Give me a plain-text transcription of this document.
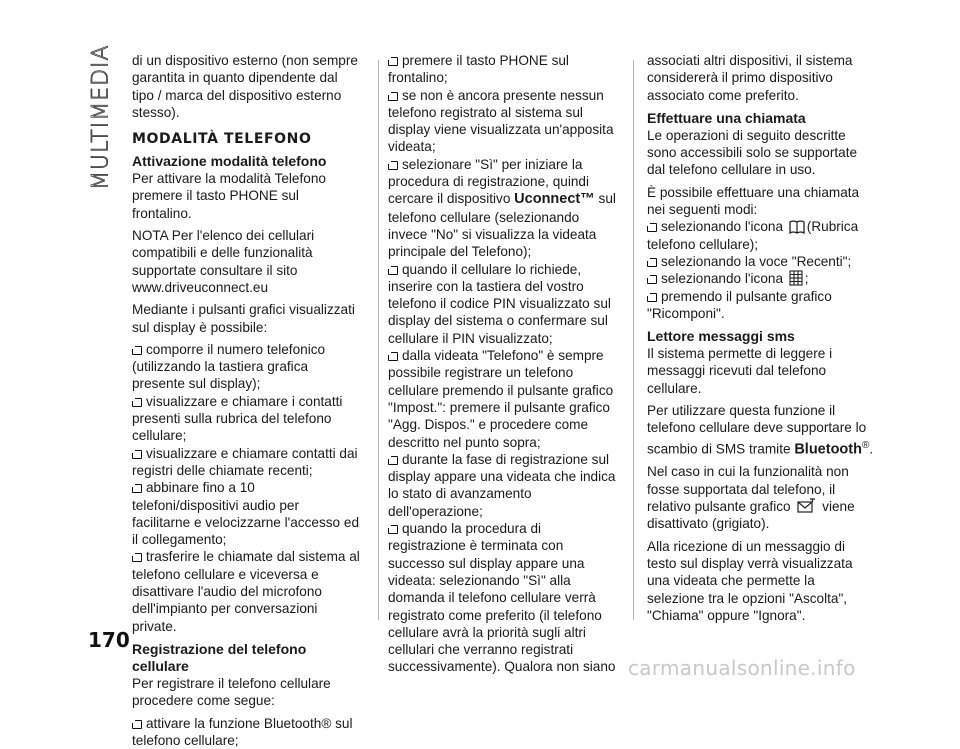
MULTIMEDIA
170

di un dispositivo esterno (non sempre garantita in quanto dipendente dal tipo / marca del dispositivo esterno stesso).

MODALITÀ TELEFONO
Attivazione modalità telefono

Per attivare la modalità Telefono premere il tasto PHONE sul frontalino.

NOTA Per l'elenco dei cellulari compatibili e delle funzionalità supportate consultare il sito www.driveuconnect.eu

Mediante i pulsanti grafici visualizzati sul display è possibile:

comporre il numero telefonico (utilizzando la tastiera grafica presente sul display);
visualizzare e chiamare i contatti presenti sulla rubrica del telefono cellulare;
visualizzare e chiamare contatti dai registri delle chiamate recenti;
abbinare fino a 10 telefoni/dispositivi audio per facilitarne e velocizzarne l'accesso ed il collegamento;
trasferire le chiamate dal sistema al telefono cellulare e viceversa e disattivare l'audio del microfono dell'impianto per conversazioni private.
Registrazione del telefono cellulare

Per registrare il telefono cellulare procedere come segue:

attivare la funzione Bluetooth® sul telefono cellulare;
premere il tasto PHONE sul frontalino;
se non è ancora presente nessun telefono registrato al sistema sul display viene visualizzata un'apposita videata;
selezionare "Sì" per iniziare la procedura di registrazione, quindi cercare il dispositivo Uconnect™ sul telefono cellulare (selezionando invece "No" si visualizza la videata principale del Telefono);
quando il cellulare lo richiede, inserire con la tastiera del vostro telefono il codice PIN visualizzato sul display del sistema o confermare sul cellulare il PIN visualizzato;
dalla videata "Telefono" è sempre possibile registrare un telefono cellulare premendo il pulsante grafico "Impost.": premere il pulsante grafico "Agg. Dispos." e procedere come descritto nel punto sopra;
durante la fase di registrazione sul display appare una videata che indica lo stato di avanzamento dell'operazione;
quando la procedura di registrazione è terminata con successo sul display appare una videata: selezionando "Sì" alla domanda il telefono cellulare verrà registrato come preferito (il telefono cellulare avrà la priorità sugli altri cellulari che verranno registrati successivamente). Qualora non siano

associati altri dispositivi, il sistema considererà il primo dispositivo associato come preferito.

Effettuare una chiamata

Le operazioni di seguito descritte sono accessibili solo se supportate dal telefono cellulare in uso.

È possibile effettuare una chiamata nei seguenti modi:

selezionando l'icona (Rubrica telefono cellulare);
selezionando la voce "Recenti";
selezionando l'icona ;
premendo il pulsante grafico "Ricomponi".
Lettore messaggi sms

Il sistema permette di leggere i messaggi ricevuti dal telefono cellulare.

Per utilizzare questa funzione il telefono cellulare deve supportare lo scambio di SMS tramite Bluetooth®.

Nel caso in cui la funzionalità non fosse supportata dal telefono, il relativo pulsante grafico viene disattivato (grigiato).

Alla ricezione di un messaggio di testo sul display verrà visualizzata una videata che permette la selezione tra le opzioni "Ascolta", "Chiama" oppure "Ignora".

carmanualsonline.info
